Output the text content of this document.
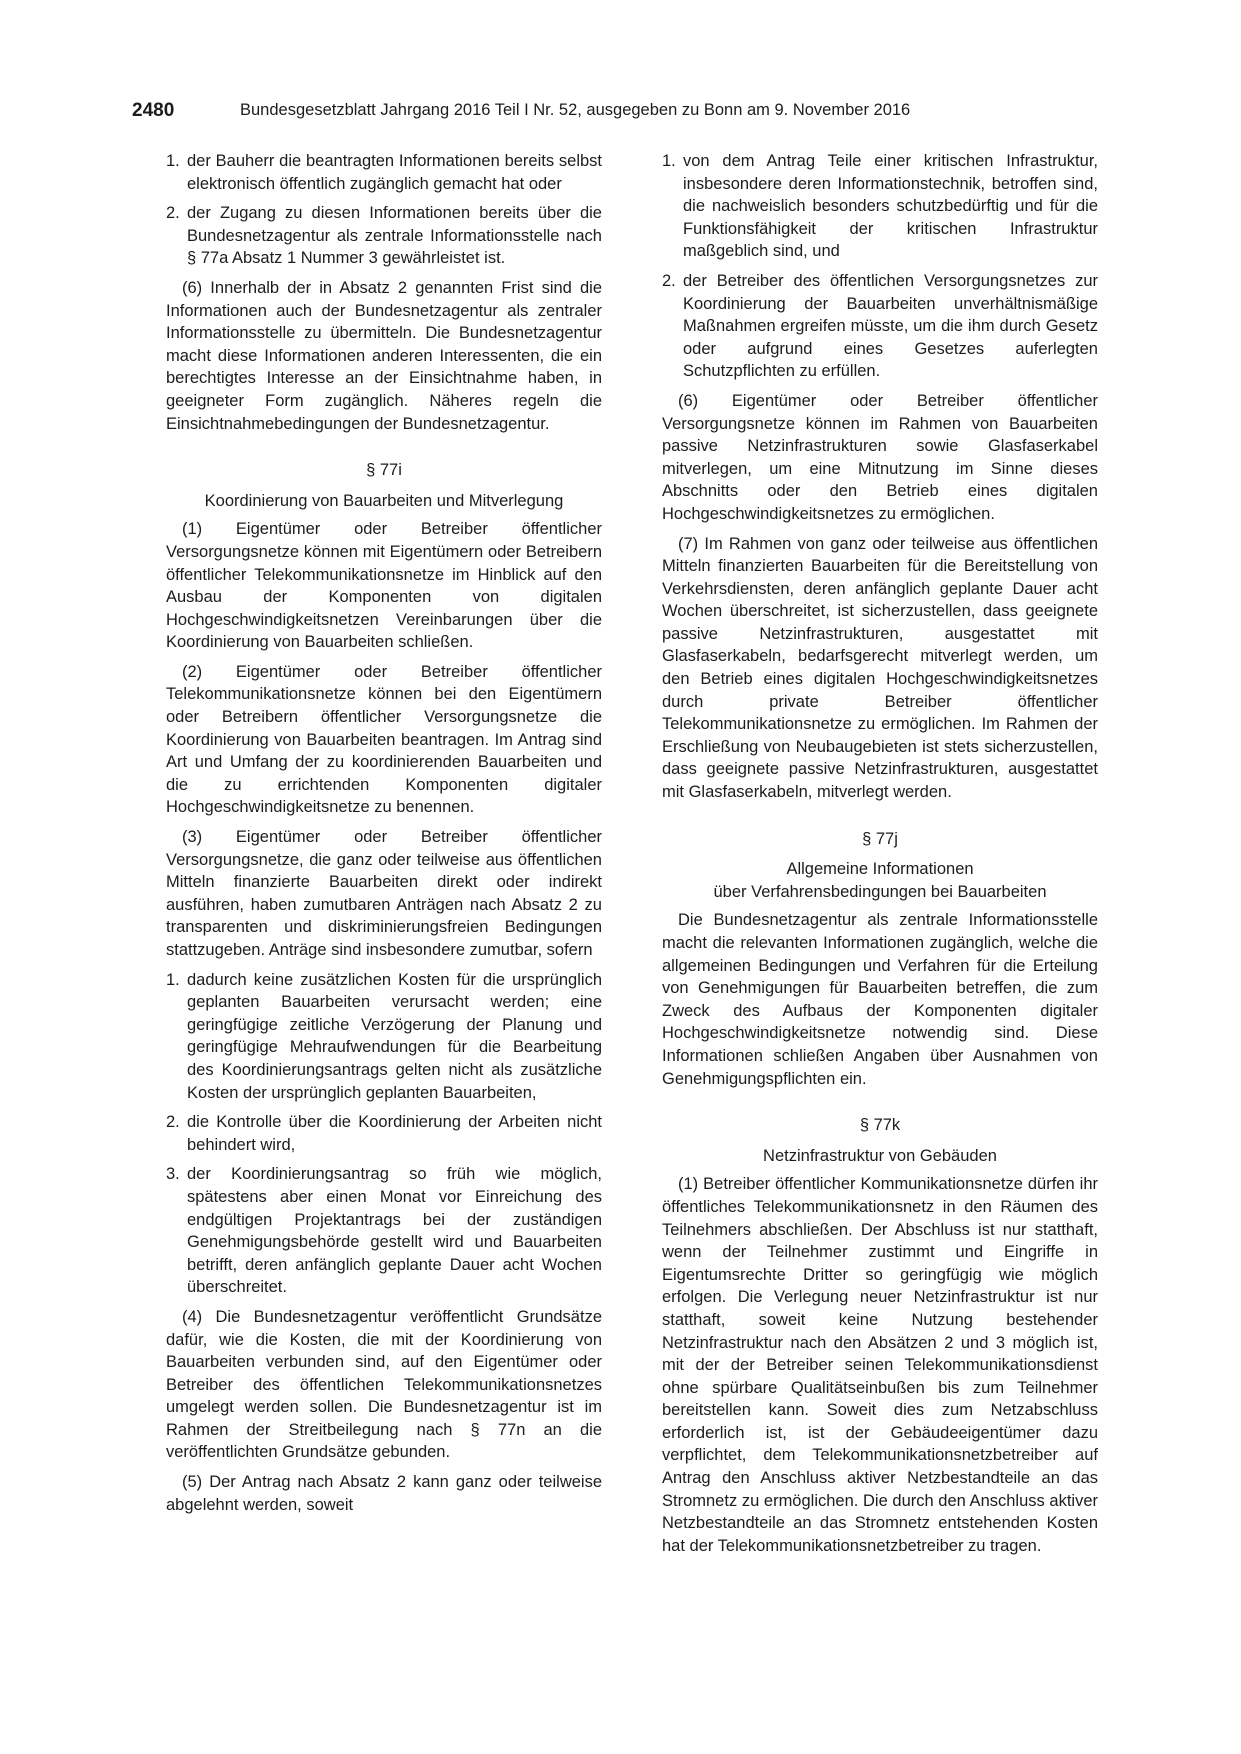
2480	Bundesgesetzblatt Jahrgang 2016 Teil I Nr. 52, ausgegeben zu Bonn am 9. November 2016
1. der Bauherr die beantragten Informationen bereits selbst elektronisch öffentlich zugänglich gemacht hat oder
2. der Zugang zu diesen Informationen bereits über die Bundesnetzagentur als zentrale Informationsstelle nach § 77a Absatz 1 Nummer 3 gewährleistet ist.
(6) Innerhalb der in Absatz 2 genannten Frist sind die Informationen auch der Bundesnetzagentur als zentraler Informationsstelle zu übermitteln. Die Bundesnetzagentur macht diese Informationen anderen Interessenten, die ein berechtigtes Interesse an der Einsichtnahme haben, in geeigneter Form zugänglich. Näheres regeln die Einsichtnahmebedingungen der Bundesnetzagentur.
§ 77i
Koordinierung von Bauarbeiten und Mitverlegung
(1) Eigentümer oder Betreiber öffentlicher Versorgungsnetze können mit Eigentümern oder Betreibern öffentlicher Telekommunikationsnetze im Hinblick auf den Ausbau der Komponenten von digitalen Hochgeschwindigkeitsnetzen Vereinbarungen über die Koordinierung von Bauarbeiten schließen.
(2) Eigentümer oder Betreiber öffentlicher Telekommunikationsnetze können bei den Eigentümern oder Betreibern öffentlicher Versorgungsnetze die Koordinierung von Bauarbeiten beantragen. Im Antrag sind Art und Umfang der zu koordinierenden Bauarbeiten und die zu errichtenden Komponenten digitaler Hochgeschwindigkeitsnetze zu benennen.
(3) Eigentümer oder Betreiber öffentlicher Versorgungsnetze, die ganz oder teilweise aus öffentlichen Mitteln finanzierte Bauarbeiten direkt oder indirekt ausführen, haben zumutbaren Anträgen nach Absatz 2 zu transparenten und diskriminierungsfreien Bedingungen stattzugeben. Anträge sind insbesondere zumutbar, sofern
1. dadurch keine zusätzlichen Kosten für die ursprünglich geplanten Bauarbeiten verursacht werden; eine geringfügige zeitliche Verzögerung der Planung und geringfügige Mehraufwendungen für die Bearbeitung des Koordinierungsantrags gelten nicht als zusätzliche Kosten der ursprünglich geplanten Bauarbeiten,
2. die Kontrolle über die Koordinierung der Arbeiten nicht behindert wird,
3. der Koordinierungsantrag so früh wie möglich, spätestens aber einen Monat vor Einreichung des endgültigen Projektantrags bei der zuständigen Genehmigungsbehörde gestellt wird und Bauarbeiten betrifft, deren anfänglich geplante Dauer acht Wochen überschreitet.
(4) Die Bundesnetzagentur veröffentlicht Grundsätze dafür, wie die Kosten, die mit der Koordinierung von Bauarbeiten verbunden sind, auf den Eigentümer oder Betreiber des öffentlichen Telekommunikationsnetzes umgelegt werden sollen. Die Bundesnetzagentur ist im Rahmen der Streitbeilegung nach § 77n an die veröffentlichten Grundsätze gebunden.
(5) Der Antrag nach Absatz 2 kann ganz oder teilweise abgelehnt werden, soweit
1. von dem Antrag Teile einer kritischen Infrastruktur, insbesondere deren Informationstechnik, betroffen sind, die nachweislich besonders schutzbedürftig und für die Funktionsfähigkeit der kritischen Infrastruktur maßgeblich sind, und
2. der Betreiber des öffentlichen Versorgungsnetzes zur Koordinierung der Bauarbeiten unverhältnismäßige Maßnahmen ergreifen müsste, um die ihm durch Gesetz oder aufgrund eines Gesetzes auferlegten Schutzpflichten zu erfüllen.
(6) Eigentümer oder Betreiber öffentlicher Versorgungsnetze können im Rahmen von Bauarbeiten passive Netzinfrastrukturen sowie Glasfaserkabel mitverlegen, um eine Mitnutzung im Sinne dieses Abschnitts oder den Betrieb eines digitalen Hochgeschwindigkeitsnetzes zu ermöglichen.
(7) Im Rahmen von ganz oder teilweise aus öffentlichen Mitteln finanzierten Bauarbeiten für die Bereitstellung von Verkehrsdiensten, deren anfänglich geplante Dauer acht Wochen überschreitet, ist sicherzustellen, dass geeignete passive Netzinfrastrukturen, ausgestattet mit Glasfaserkabeln, bedarfsgerecht mitverlegt werden, um den Betrieb eines digitalen Hochgeschwindigkeitsnetzes durch private Betreiber öffentlicher Telekommunikationsnetze zu ermöglichen. Im Rahmen der Erschließung von Neubaugebieten ist stets sicherzustellen, dass geeignete passive Netzinfrastrukturen, ausgestattet mit Glasfaserkabeln, mitverlegt werden.
§ 77j
Allgemeine Informationen
über Verfahrensbedingungen bei Bauarbeiten
Die Bundesnetzagentur als zentrale Informationsstelle macht die relevanten Informationen zugänglich, welche die allgemeinen Bedingungen und Verfahren für die Erteilung von Genehmigungen für Bauarbeiten betreffen, die zum Zweck des Aufbaus der Komponenten digitaler Hochgeschwindigkeitsnetze notwendig sind. Diese Informationen schließen Angaben über Ausnahmen von Genehmigungspflichten ein.
§ 77k
Netzinfrastruktur von Gebäuden
(1) Betreiber öffentlicher Kommunikationsnetze dürfen ihr öffentliches Telekommunikationsnetz in den Räumen des Teilnehmers abschließen. Der Abschluss ist nur statthaft, wenn der Teilnehmer zustimmt und Eingriffe in Eigentumsrechte Dritter so geringfügig wie möglich erfolgen. Die Verlegung neuer Netzinfrastruktur ist nur statthaft, soweit keine Nutzung bestehender Netzinfrastruktur nach den Absätzen 2 und 3 möglich ist, mit der der Betreiber seinen Telekommunikationsdienst ohne spürbare Qualitätseinbußen bis zum Teilnehmer bereitstellen kann. Soweit dies zum Netzabschluss erforderlich ist, ist der Gebäudeeigentümer dazu verpflichtet, dem Telekommunikationsnetzbetreiber auf Antrag den Anschluss aktiver Netzbestandteile an das Stromnetz zu ermöglichen. Die durch den Anschluss aktiver Netzbestandteile an das Stromnetz entstehenden Kosten hat der Telekommunikationsnetzbetreiber zu tragen.
